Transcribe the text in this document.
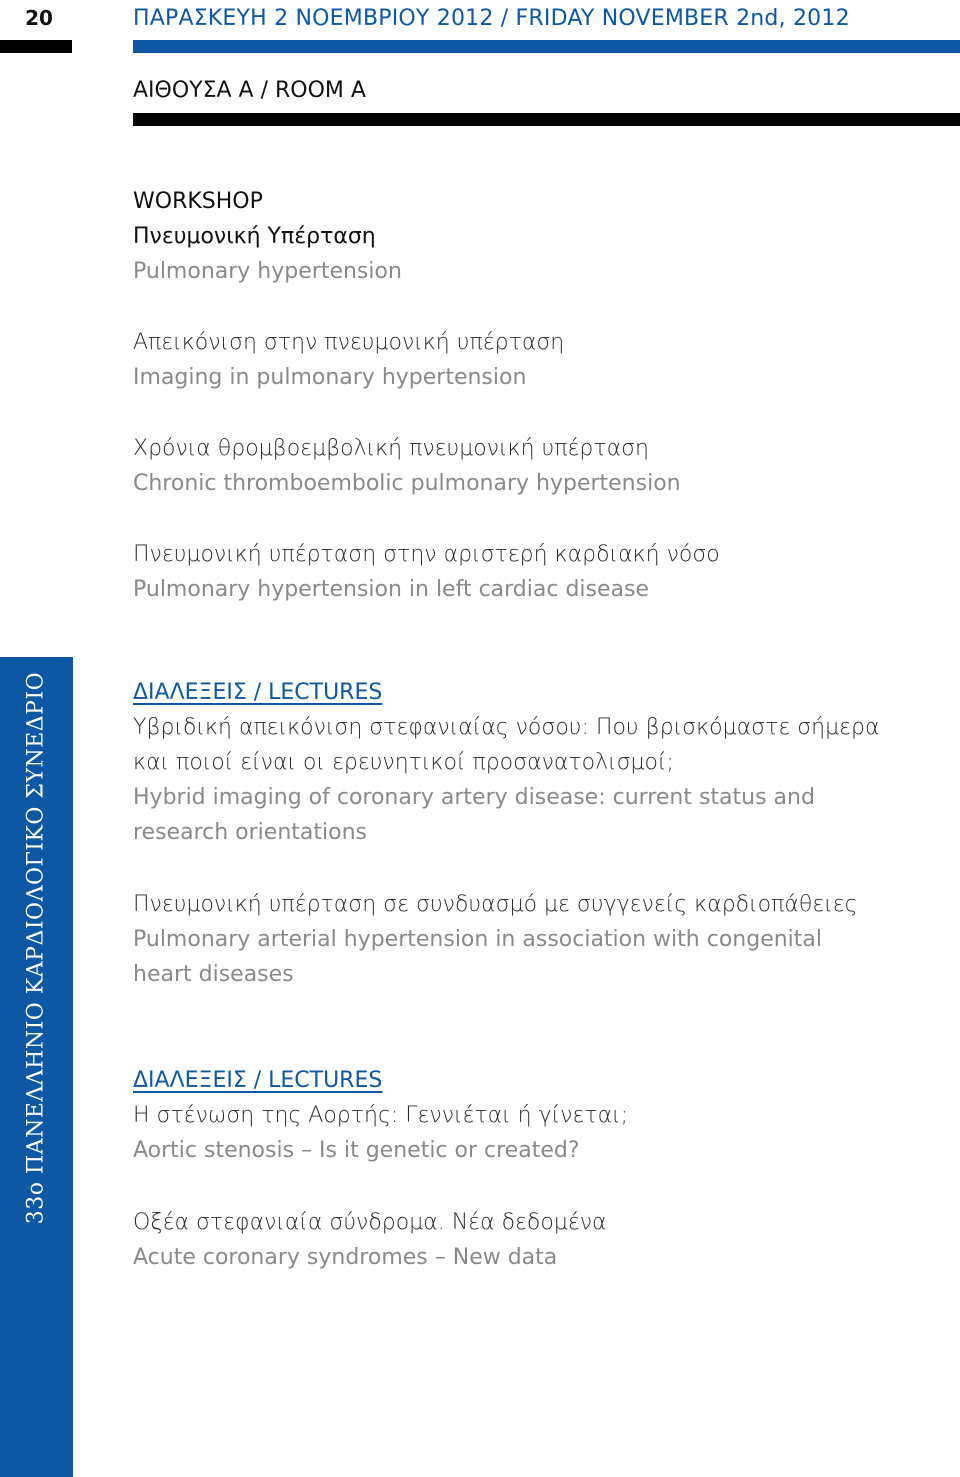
20	ΠΑΡΑΣΚΕΥΗ 2 ΝΟΕΜΒΡΙΟΥ 2012 / FRIDAY NOVEMBER 2nd, 2012
ΑΙΘΟΥΣΑ Α / ROOM A
33ο ΠΑΝΕΛΛΗΝΙΟ ΚΑΡΔΙΟΛΟΓΙΚΟ ΣΥΝΕΔΡΙΟ
WORKSHOP
Πνευμονική Υπέρταση
Pulmonary hypertension
Απεικόνιση στην πνευμονική υπέρταση
Imaging in pulmonary hypertension
Χρόνια θρομβοεμβολική πνευμονική υπέρταση
Chronic thromboembolic pulmonary hypertension
Πνευμονική υπέρταση στην αριστερή καρδιακή νόσο
Pulmonary hypertension in left cardiac disease
ΔΙΑΛΕΞΕΙΣ / LECTURES
Υβριδική απεικόνιση στεφανιαίας νόσου: Που βρισκόμαστε σήμερα
και ποιοί είναι οι ερευνητικοί προσανατολισμοί;
Hybrid imaging of coronary artery disease: current status and
research orientations
Πνευμονική υπέρταση σε συνδυασμό με συγγενείς καρδιοπάθειες
Pulmonary arterial hypertension in association with congenital
heart diseases
ΔΙΑΛΕΞΕΙΣ / LECTURES
Η στένωση της Αορτής: Γεννιέται ή γίνεται;
Aortic stenosis – Is it genetic or created?
Οξέα στεφανιαία σύνδρομα. Νέα δεδομένα
Acute coronary syndromes – New data
